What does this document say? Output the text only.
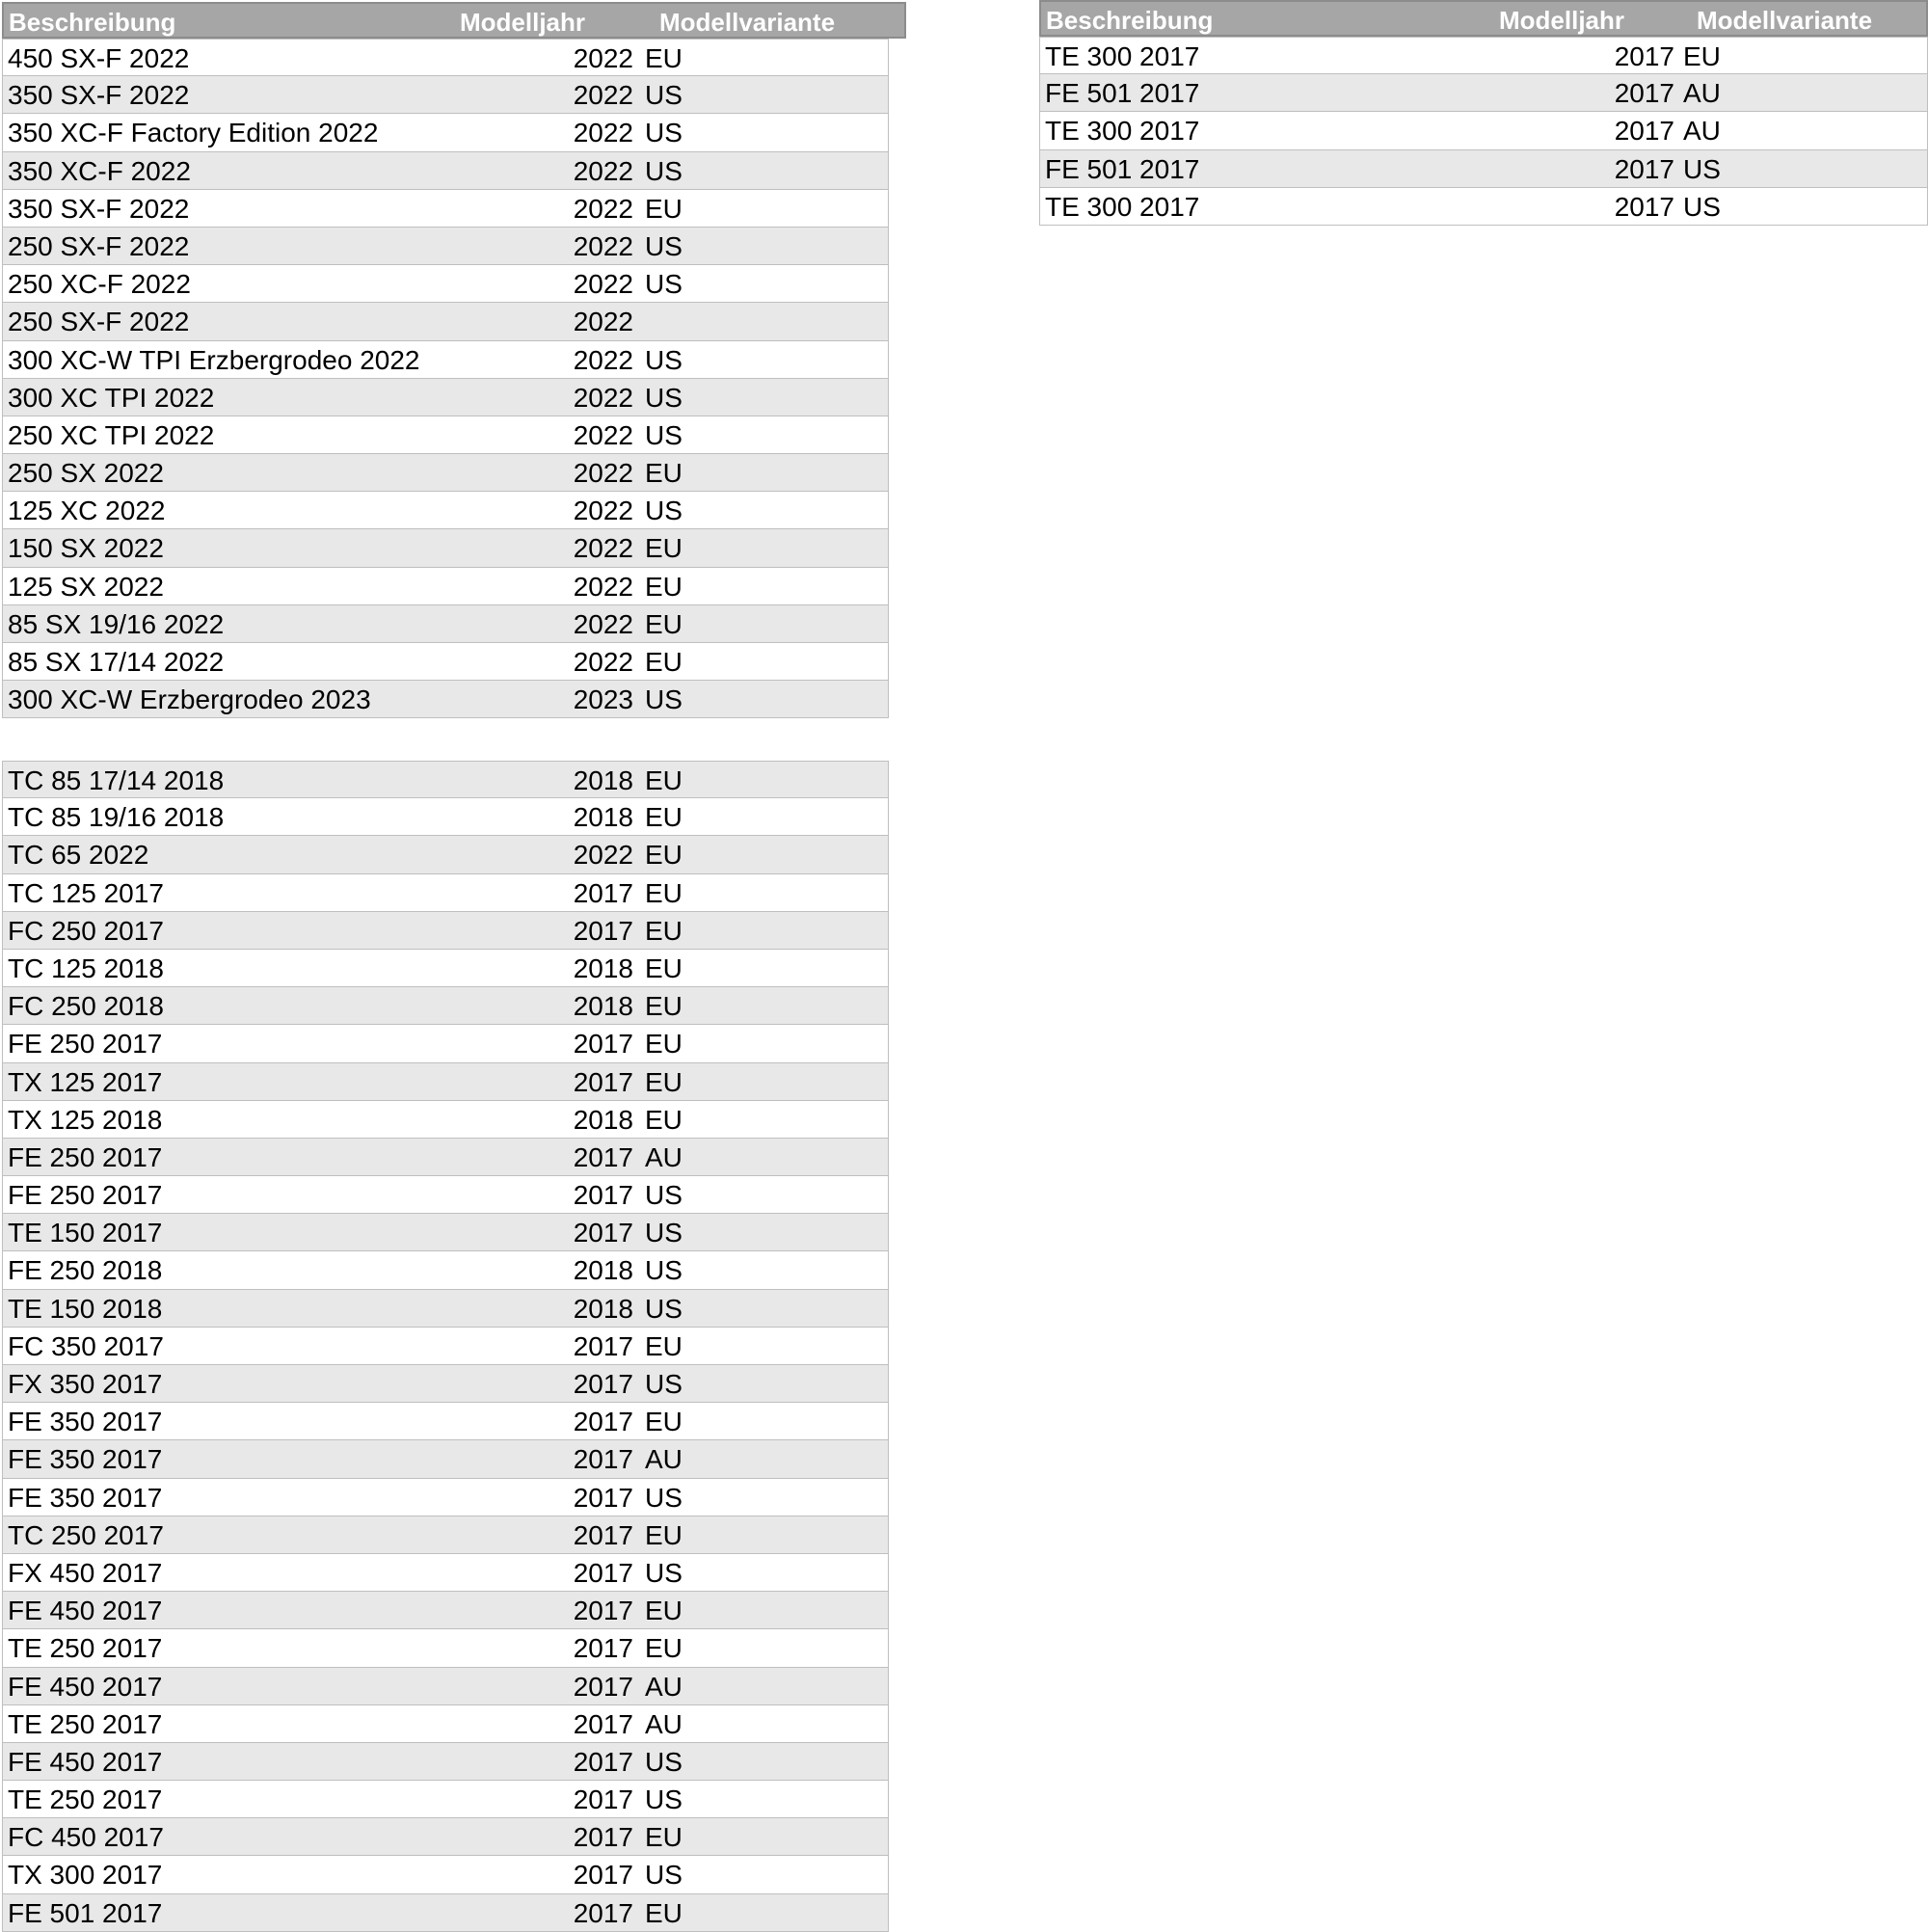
Beschreibung	Modelljahr	Modellvariante
450 SX-F 2022	2022 EU
350 SX-F 2022	2022 US
350 XC-F Factory Edition 2022	2022 US
350 XC-F 2022	2022 US
350 SX-F 2022	2022 EU
250 SX-F 2022	2022 US
250 XC-F 2022	2022 US
250 SX-F 2022	2022
300 XC-W TPI Erzbergrodeo 2022	2022 US
300 XC TPI 2022	2022 US
250 XC TPI 2022	2022 US
250 SX 2022	2022 EU
125 XC 2022	2022 US
150 SX 2022	2022 EU
125 SX 2022	2022 EU
85 SX 19/16 2022	2022 EU
85 SX 17/14 2022	2022 EU
300 XC-W Erzbergrodeo 2023	2023 US
TC 85 17/14 2018	2018 EU
TC 85 19/16 2018	2018 EU
TC 65 2022	2022 EU
TC 125 2017	2017 EU
FC 250 2017	2017 EU
TC 125 2018	2018 EU
FC 250 2018	2018 EU
FE 250 2017	2017 EU
TX 125 2017	2017 EU
TX 125 2018	2018 EU
FE 250 2017	2017 AU
FE 250 2017	2017 US
TE 150 2017	2017 US
FE 250 2018	2018 US
TE 150 2018	2018 US
FC 350 2017	2017 EU
FX 350 2017	2017 US
FE 350 2017	2017 EU
FE 350 2017	2017 AU
FE 350 2017	2017 US
TC 250 2017	2017 EU
FX 450 2017	2017 US
FE 450 2017	2017 EU
TE 250 2017	2017 EU
FE 450 2017	2017 AU
TE 250 2017	2017 AU
FE 450 2017	2017 US
TE 250 2017	2017 US
FC 450 2017	2017 EU
TX 300 2017	2017 US
FE 501 2017	2017 EU
Beschreibung	Modelljahr	Modellvariante
TE 300 2017	2017 EU
FE 501 2017	2017 AU
TE 300 2017	2017 AU
FE 501 2017	2017 US
TE 300 2017	2017 US
